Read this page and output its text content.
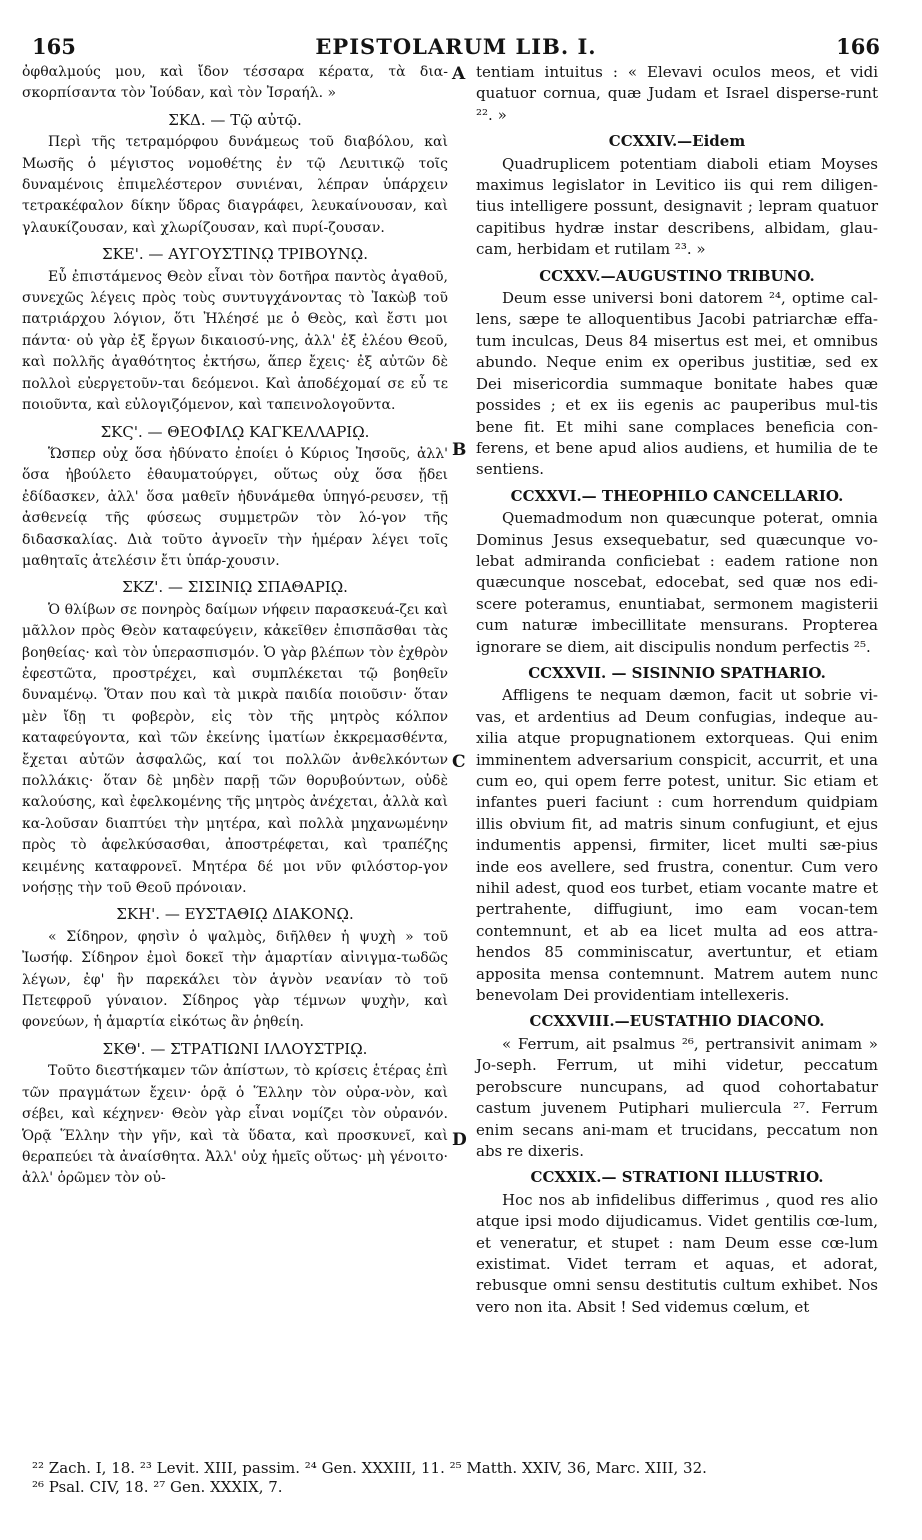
165	EPISTOLARUM LIB. I.	166

ὀφθαλμούς μου, καὶ ἴδον τέσσαρα κέρατα, τὰ δια-σκορπίσαντα τὸν Ἰούδαν, καὶ τὸν Ἰσραήλ. »

ΣΚΔ. — Τῷ αὐτῷ.

Περὶ τῆς τετραμόρφου δυνάμεως τοῦ διαβόλου, καὶ Μωσῆς ὁ μέγιστος νομοθέτης ἐν τῷ Λευιτικῷ τοῖς δυναμένοις ἐπιμελέστερον συνιέναι, λέπραν ὑπάρχειν τετρακέφαλον δίκην ὕδρας διαγράφει, λευκαίνουσαν, καὶ γλαυκίζουσαν, καὶ χλωρίζουσαν, καὶ πυρί-ζουσαν.

ΣΚΕ'. — ΑΥΓΟΥΣΤΙΝῼ ΤΡΙΒΟΥΝῼ.

Εὖ ἐπιστάμενος Θεὸν εἶναι τὸν δοτῆρα παντὸς ἀγαθοῦ, συνεχῶς λέγεις πρὸς τοὺς συντυγχάνοντας τὸ Ἰακὼβ τοῦ πατριάρχου λόγιον, ὅτι Ἠλέησέ με ὁ Θεὸς, καὶ ἔστι μοι πάντα· οὐ γὰρ ἐξ ἔργων δικαιοσύ-νης, ἀλλ' ἐξ ἐλέου Θεοῦ, καὶ πολλῆς ἀγαθότητος ἐκτήσω, ἅπερ ἔχεις· ἐξ αὐτῶν δὲ πολλοὶ εὐεργετοῦν-ται δεόμενοι. Καὶ ἀποδέχομαί σε εὖ τε ποιοῦντα, καὶ εὐλογιζόμενον, καὶ ταπεινολογοῦντα.

ΣΚϚ'. — ΘΕΟΦΙΛῼ ΚΑΓΚΕΛΛΑΡΙῼ.

Ὥσπερ οὐχ ὅσα ἠδύνατο ἐποίει ὁ Κύριος Ἰησοῦς, ἀλλ' ὅσα ἠβούλετο ἐθαυματούργει, οὕτως οὐχ ὅσα ᾔδει ἐδίδασκεν, ἀλλ' ὅσα μαθεῖν ἠδυνάμεθα ὑπηγό-ρευσεν, τῇ ἀσθενείᾳ τῆς φύσεως συμμετρῶν τὸν λό-γον τῆς διδασκαλίας. Διὰ τοῦτο ἀγνοεῖν τὴν ἡμέραν λέγει τοῖς μαθηταῖς ἀτελέσιν ἔτι ὑπάρ-χουσιν.

ΣΚΖ'. — ΣΙΣΙΝΙῼ ΣΠΑΘΑΡΙῼ.

Ὁ θλίβων σε πονηρὸς δαίμων νήφειν παρασκευά-ζει καὶ μᾶλλον πρὸς Θεὸν καταφεύγειν, κἀκεῖθεν ἐπισπᾶσθαι τὰς βοηθείας· καὶ τὸν ὑπερασπισμόν. Ὁ γὰρ βλέπων τὸν ἐχθρὸν ἐφεστῶτα, προστρέχει, καὶ συμπλέκεται τῷ βοηθεῖν δυναμένῳ. Ὅταν που καὶ τὰ μικρὰ παιδία ποιοῦσιν· ὅταν μὲν ἴδῃ τι φοβερὸν, εἰς τὸν τῆς μητρὸς κόλπον καταφεύγοντα, καὶ τῶν ἐκείνης ἱματίων ἐκκρεμασθέντα, ἔχεται αὐτῶν ἀσφαλῶς, καί τοι πολλῶν ἀνθελκόντων πολλάκις· ὅταν δὲ μηδὲν παρῇ τῶν θορυβούντων, οὐδὲ καλούσης, καὶ ἐφελκομένης τῆς μητρὸς ἀνέχεται, ἀλλὰ καὶ κα-λοῦσαν διαπτύει τὴν μητέρα, καὶ πολλὰ μηχανωμένην πρὸς τὸ ἀφελκύσασθαι, ἀποστρέφεται, καὶ τραπέζης κειμένης καταφρονεῖ. Μητέρα δέ μοι νῦν φιλόστορ-γον νοήσῃς τὴν τοῦ Θεοῦ πρόνοιαν.

ΣΚΗ'. — ΕΥΣΤΑΘΙῼ ΔΙΑΚΟΝῼ.

« Σίδηρον, φησὶν ὁ ψαλμὸς, διῆλθεν ἡ ψυχὴ » τοῦ Ἰωσήφ. Σίδηρον ἐμοὶ δοκεῖ τὴν ἁμαρτίαν αἰνιγμα-τωδῶς λέγων, ἐφ' ἣν παρεκάλει τὸν ἁγνὸν νεανίαν τὸ τοῦ Πετεφροῦ γύναιον. Σίδηρος γὰρ τέμνων ψυχὴν, καὶ φονεύων, ἡ ἁμαρτία εἰκότως ἂν ῥηθείη.

ΣΚΘ'. — ΣΤΡΑΤΙΩΝΙ ΙΛΛΟΥΣΤΡΙῼ.

Τοῦτο διεστήκαμεν τῶν ἀπίστων, τὸ κρίσεις ἑτέρας ἐπὶ τῶν πραγμάτων ἔχειν· ὁρᾷ ὁ Ἕλλην τὸν οὐρα-νὸν, καὶ σέβει, καὶ κέχηνεν· Θεὸν γὰρ εἶναι νομίζει τὸν οὐρανόν. Ὁρᾷ Ἕλλην τὴν γῆν, καὶ τὰ ὕδατα, καὶ προσκυνεῖ, καὶ θεραπεύει τὰ ἀναίσθητα. Ἀλλ' οὐχ ἡμεῖς οὕτως· μὴ γένοιτο· ἀλλ' ὁρῶμεν τὸν οὐ-

tentiam intuitus : « Elevavi oculos meos, et vidi quatuor cornua, quæ Judam et Israel disperse-runt ²². »

CCXXIV.—Eidem

Quadruplicem potentiam diaboli etiam Moyses maximus legislator in Levitico iis qui rem diligen-tius intelligere possunt, designavit ; lepram quatuor capitibus hydræ instar describens, albidam, glau-cam, herbidam et rutilam ²³. »

CCXXV.—AUGUSTINO TRIBUNO.

Deum esse universi boni datorem ²⁴, optime cal-lens, sæpe te alloquentibus Jacobi patriarchæ effa-tum inculcas, Deus 84 misertus est mei, et omnibus abundo. Neque enim ex operibus justitiæ, sed ex Dei misericordia summaque bonitate habes quæ possides ; et ex iis egenis ac pauperibus mul-tis bene fit. Et mihi sane complaces beneficia con-ferens, et bene apud alios audiens, et humilia de te sentiens.

CCXXVI.— THEOPHILO CANCELLARIO.

Quemadmodum non quæcunque poterat, omnia Dominus Jesus exsequebatur, sed quæcunque vo-lebat admiranda conficiebat : eadem ratione non quæcunque noscebat, edocebat, sed quæ nos edi-scere poteramus, enuntiabat, sermonem magisterii cum naturæ imbecillitate mensurans. Propterea ignorare se diem, ait discipulis nondum perfectis ²⁵.

CCXXVII. — SISINNIO SPATHARIO.

Affligens te nequam dæmon, facit ut sobrie vi-vas, et ardentius ad Deum confugias, indeque au-xilia atque propugnationem extorqueas. Qui enim imminentem adversarium conspicit, accurrit, et una cum eo, qui opem ferre potest, unitur. Sic etiam et infantes pueri faciunt : cum horrendum quidpiam illis obvium fit, ad matris sinum confugiunt, et ejus indumentis appensi, firmiter, licet multi sæ-pius inde eos avellere, sed frustra, conentur. Cum vero nihil adest, quod eos turbet, etiam vocante matre et pertrahente, diffugiunt, imo eam vocan-tem contemnunt, et ab ea licet multa ad eos attra-hendos 85 comminiscatur, avertuntur, et etiam apposita mensa contemnunt. Matrem autem nunc benevolam Dei providentiam intellexeris.

CCXXVIII.—EUSTATHIO DIACONO.

« Ferrum, ait psalmus ²⁶, pertransivit animam » Jo-seph. Ferrum, ut mihi videtur, peccatum perobscure nuncupans, ad quod cohortabatur castum juvenem Putiphari muliercula ²⁷. Ferrum enim secans ani-mam et trucidans, peccatum non abs re dixeris.

CCXXIX.— STRATIONI ILLUSTRIO.

Hoc nos ab infidelibus differimus , quod res alio atque ipsi modo dijudicamus. Videt gentilis cœ-lum, et veneratur, et stupet : nam Deum esse cœ-lum existimat. Videt terram et aquas, et adorat, rebusque omni sensu destitutis cultum exhibet. Nos vero non ita. Absit ! Sed videmus cœlum, et

A
B
C
D
²² Zach. I, 18. ²³ Levit. XIII, passim. ²⁴ Gen. XXXIII, 11. ²⁵ Matth. XXIV, 36, Marc. XIII, 32.
²⁶ Psal. CIV, 18. ²⁷ Gen. XXXIX, 7.
